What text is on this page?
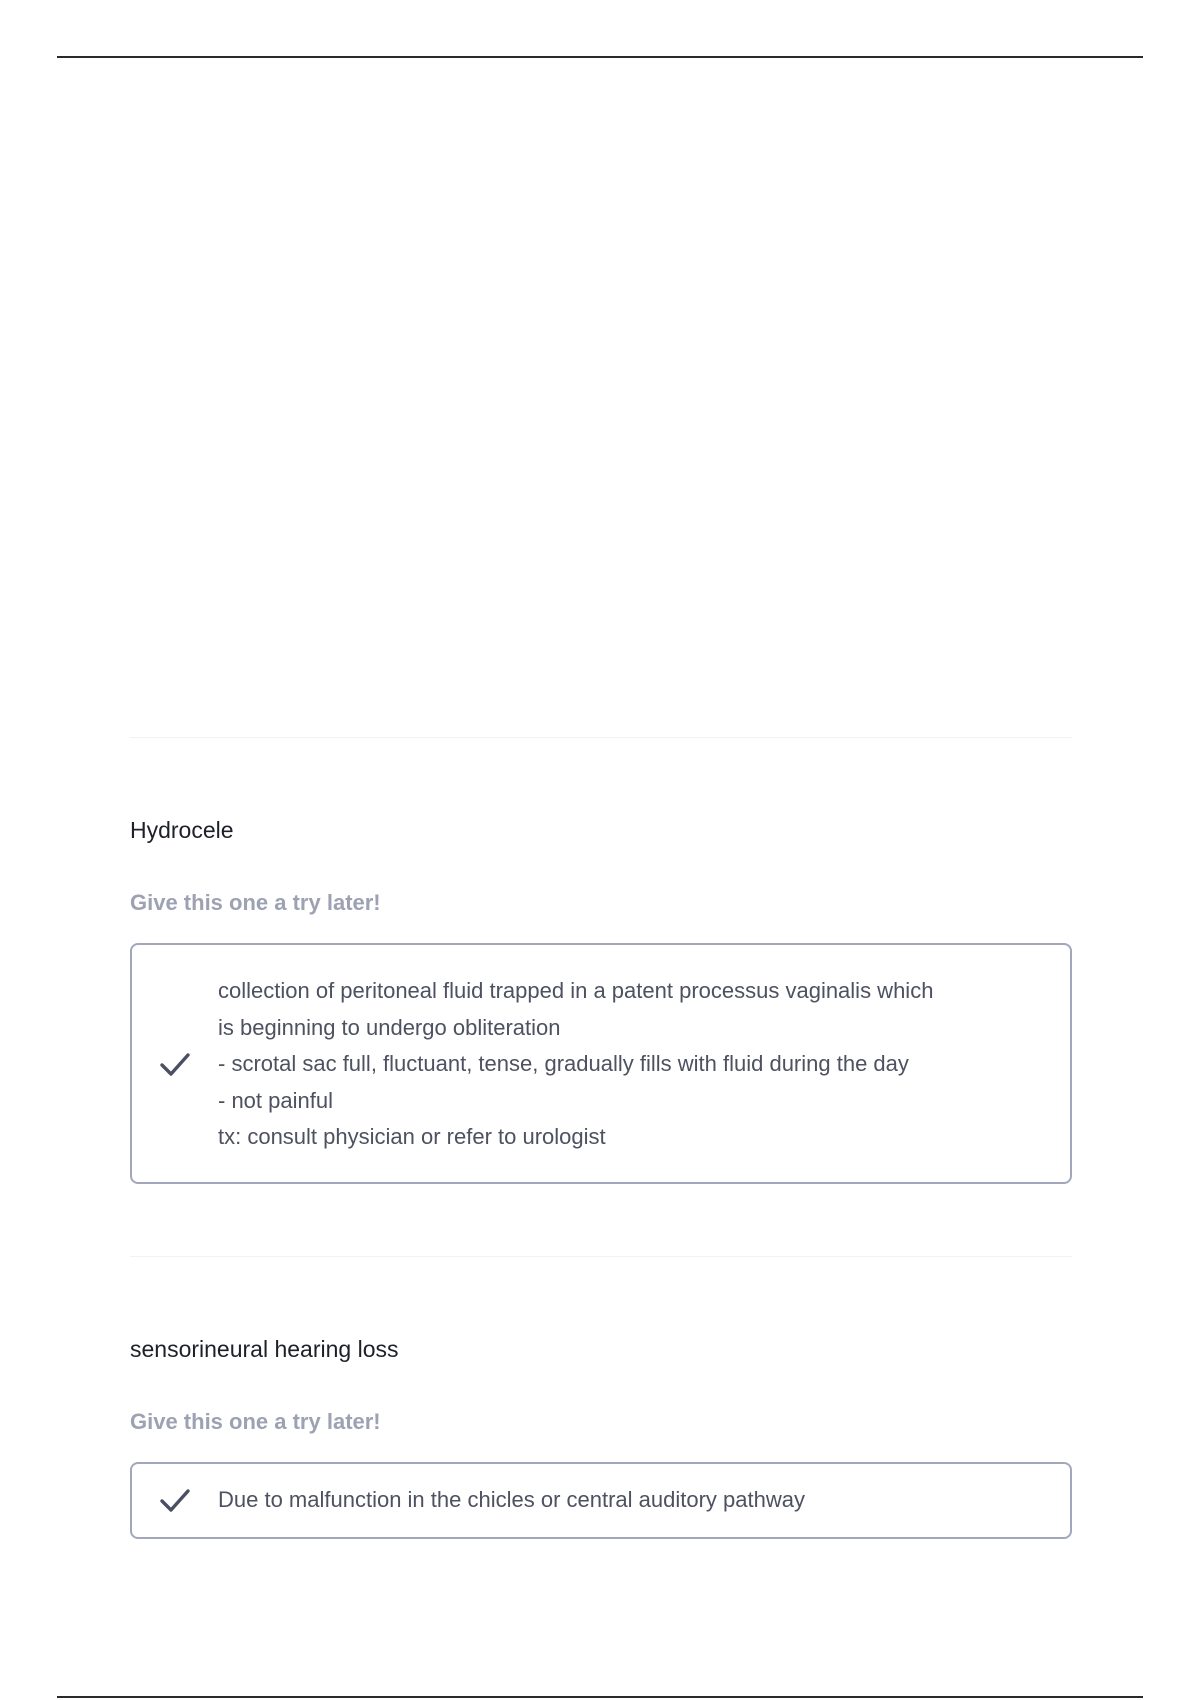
Hydrocele

Give this one a try later!

collection of peritoneal fluid trapped in a patent processus vaginalis which

is beginning to undergo obliteration

- scrotal sac full, fluctuant, tense, gradually fills with fluid during the day

- not painful

tx: consult physician or refer to urologist

sensorineural hearing loss

Give this one a try later!

Due to malfunction in the chicles or central auditory pathway
